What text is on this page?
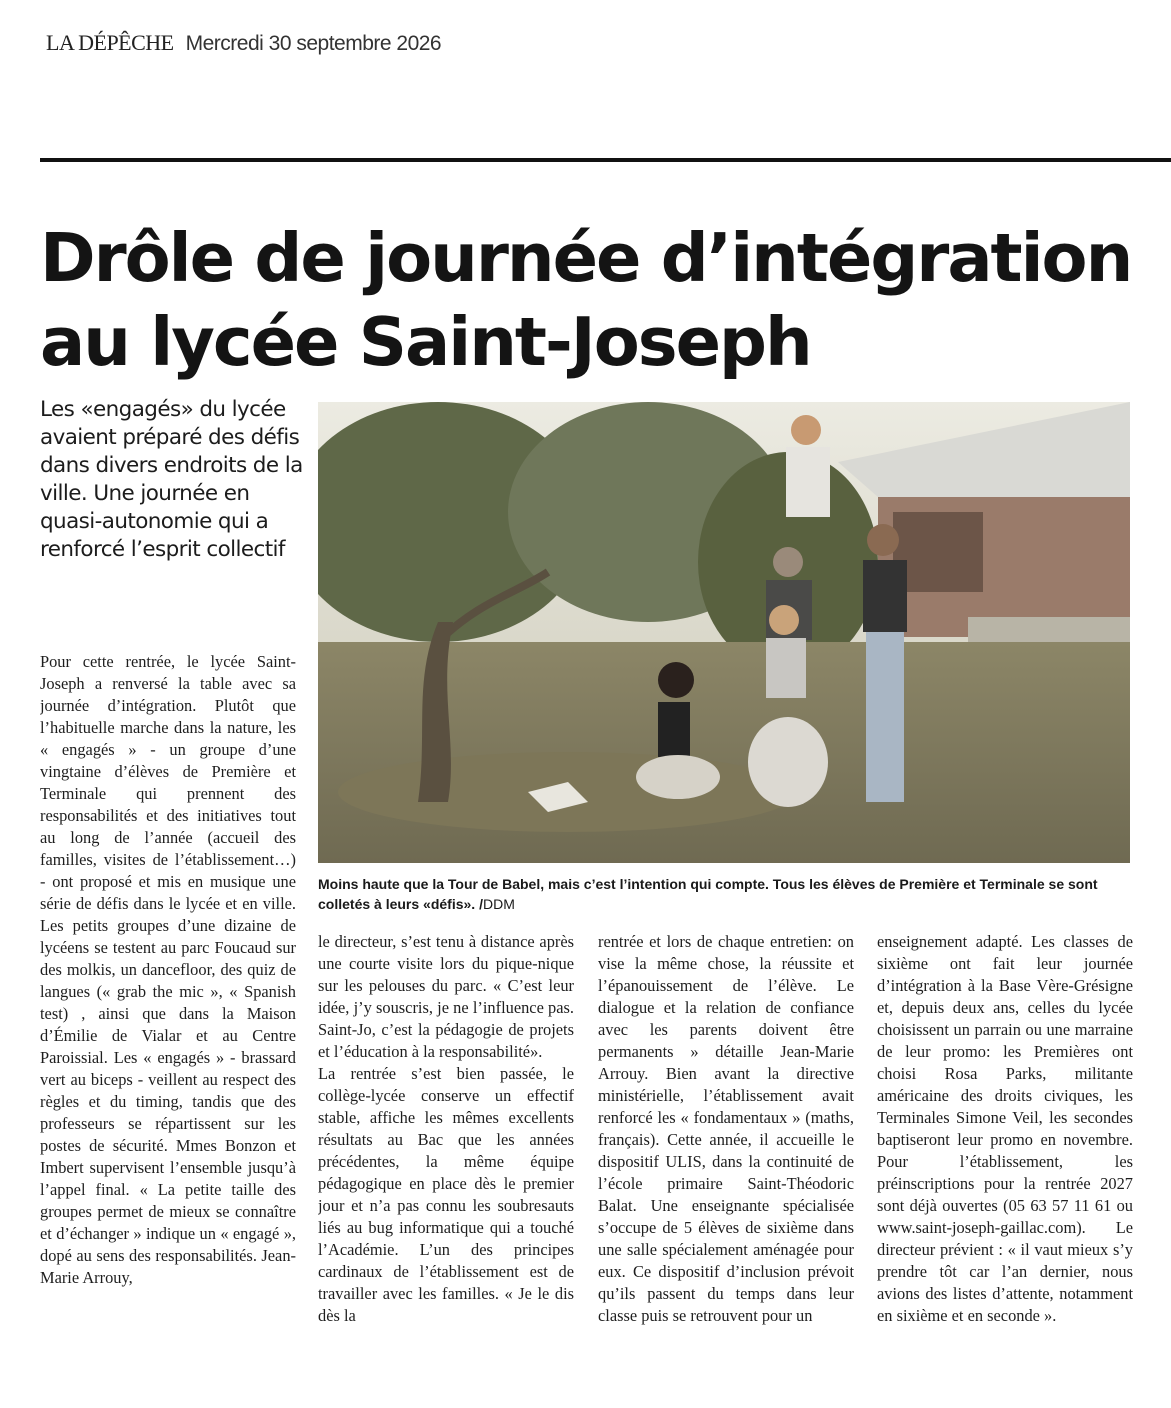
LA DÉPÊCHE Mercredi 30 septembre 2026
Drôle de journée d’intégration au lycée Saint-Joseph

Les «engagés» du lycée avaient préparé des défis dans divers endroits de la ville. Une journée en quasi-autonomie qui a renforcé l’esprit collectif

Moins haute que la Tour de Babel, mais c’est l’intention qui compte. Tous les élèves de Première et Terminale se sont colletés à leurs «défis». /DDM

Pour cette rentrée, le lycée Saint-Joseph a renversé la table avec sa journée d’intégration. Plutôt que l’habituelle marche dans la nature, les « engagés » - un groupe d’une vingtaine d’élèves de Première et Terminale qui prennent des responsabilités et des initiatives tout au long de l’année (accueil des familles, visites de l’établissement…) - ont proposé et mis en musique une série de défis dans le lycée et en ville. Les petits groupes d’une dizaine de lycéens se testent au parc Foucaud sur des molkis, un dancefloor, des quiz de langues (« grab the mic », « Spanish test) , ainsi que dans la Maison d’Émilie de Vialar et au Centre Paroissial. Les « engagés » - brassard vert au biceps - veillent au respect des règles et du timing, tandis que des professeurs se répartissent sur les postes de sécurité. Mmes Bonzon et Imbert supervisent l’ensemble jusqu’à l’appel final. « La petite taille des groupes permet de mieux se connaître et d’échanger » indique un « engagé », dopé au sens des responsabilités. Jean-Marie Arrouy,

le directeur, s’est tenu à distance après une courte visite lors du pique-nique sur les pelouses du parc. « C’est leur idée, j’y souscris, je ne l’influence pas. Saint-Jo, c’est la pédagogie de projets et l’éducation à la responsabilité».

La rentrée s’est bien passée, le collège-lycée conserve un effectif stable, affiche les mêmes excellents résultats au Bac que les années précédentes, la même équipe pédagogique en place dès le premier jour et n’a pas connu les soubresauts liés au bug informatique qui a touché l’Académie. L’un des principes cardinaux de l’établissement est de travailler avec les familles. « Je le dis dès la

rentrée et lors de chaque entretien: on vise la même chose, la réussite et l’épanouissement de l’élève. Le dialogue et la relation de confiance avec les parents doivent être permanents » détaille Jean-Marie Arrouy. Bien avant la directive ministérielle, l’établissement avait renforcé les « fondamentaux » (maths, français). Cette année, il accueille le dispositif ULIS, dans la continuité de l’école primaire Saint-Théodoric Balat. Une enseignante spécialisée s’occupe de 5 élèves de sixième dans une salle spécialement aménagée pour eux. Ce dispositif d’inclusion prévoit qu’ils passent du temps dans leur classe puis se retrouvent pour un

enseignement adapté. Les classes de sixième ont fait leur journée d’intégration à la Base Vère-Grésigne et, depuis deux ans, celles du lycée choisissent un parrain ou une marraine de leur promo: les Premières ont choisi Rosa Parks, militante américaine des droits civiques, les Terminales Simone Veil, les secondes baptiseront leur promo en novembre. Pour l’établissement, les préinscriptions pour la rentrée 2027 sont déjà ouvertes (05 63 57 11 61 ou www.saint-joseph-gaillac.com). Le directeur prévient : « il vaut mieux s’y prendre tôt car l’an dernier, nous avions des listes d’attente, notamment en sixième et en seconde ».
